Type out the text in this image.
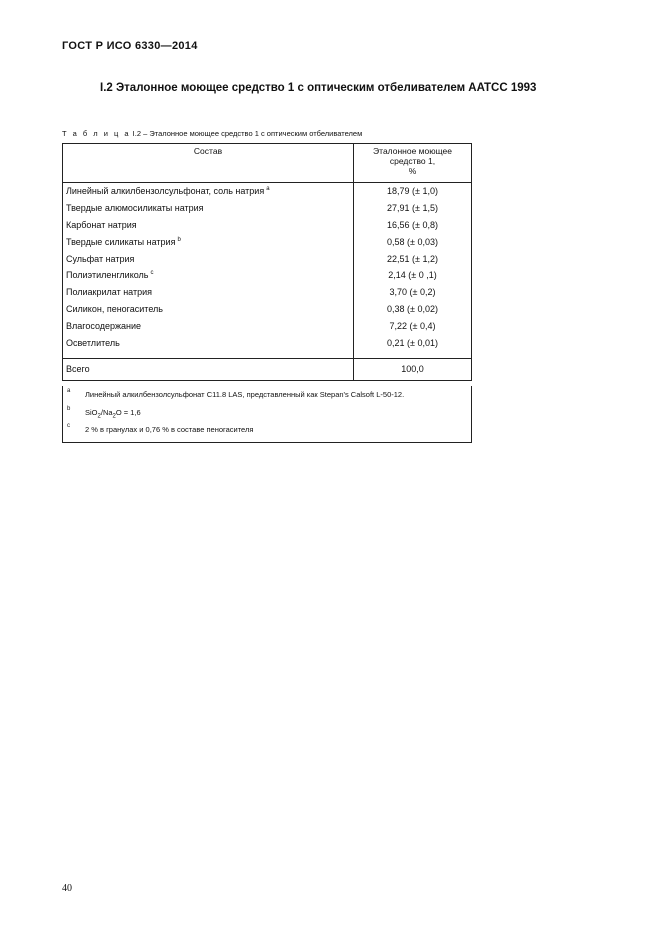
ГОСТ Р ИСО 6330—2014
I.2 Эталонное моющее средство 1 с оптическим отбеливателем AATCC 1993
Т а б л и ц а I.2 – Эталонное моющее средство 1 с оптическим отбеливателем
Состав	Эталонное моющее
средство 1,
%

Линейный алкилбензолсульфонат, соль натрия $^a$	18,79 (± 1,0)
Твердые алюмосиликаты натрия	27,91 (± 1,5)
Карбонат натрия	16,56 (± 0,8)
Твердые силикаты натрия $^b$	0,58 (± 0,03)
Сульфат натрия	22,51 (± 1,2)
Полиэтиленгликоль $^c$	2,14 (± 0 ,1)
Полиакрилат натрия	3,70 (± 0,2)
Силикон, пеногаситель	0,38 (± 0,02)
Влагосодержание	7,22 (± 0,4)
Осветлитель	0,21 (± 0,01)

Всего	100,0
a Линейный алкилбензолсульфонат C11.8 LAS, представленный как Stepan's Calsoft L-50-12.
b $SiO_2/Na_2O = 1,6$
c 2 % в гранулах и 0,76 % в составе пеногасителя
40
